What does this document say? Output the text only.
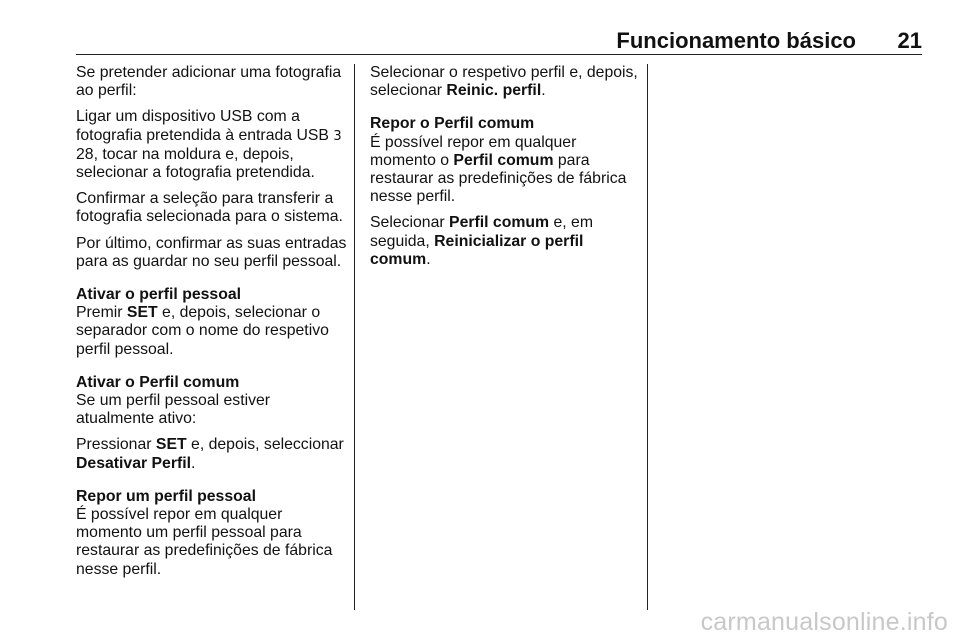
Funcionamento básico	21

Se pretender adicionar uma fotografia ao perfil:

Ligar um dispositivo USB com a fotografia pretendida à entrada USB 3 28, tocar na moldura e, depois, selecionar a fotografia pretendida.

Confirmar a seleção para transferir a fotografia selecionada para o sistema.

Por último, confirmar as suas entradas para as guardar no seu perfil pessoal.

Ativar o perfil pessoal

Premir SET e, depois, selecionar o separador com o nome do respetivo perfil pessoal.

Ativar o Perfil comum

Se um perfil pessoal estiver atualmente ativo:

Pressionar SET e, depois, seleccionar Desativar Perfil.

Repor um perfil pessoal

É possível repor em qualquer momento um perfil pessoal para restaurar as predefinições de fábrica nesse perfil.

Selecionar o respetivo perfil e, depois, selecionar Reinic. perfil.

Repor o Perfil comum

É possível repor em qualquer momento o Perfil comum para restaurar as predefinições de fábrica nesse perfil.

Selecionar Perfil comum e, em seguida, Reinicializar o perfil comum.

carmanualsonline.info
